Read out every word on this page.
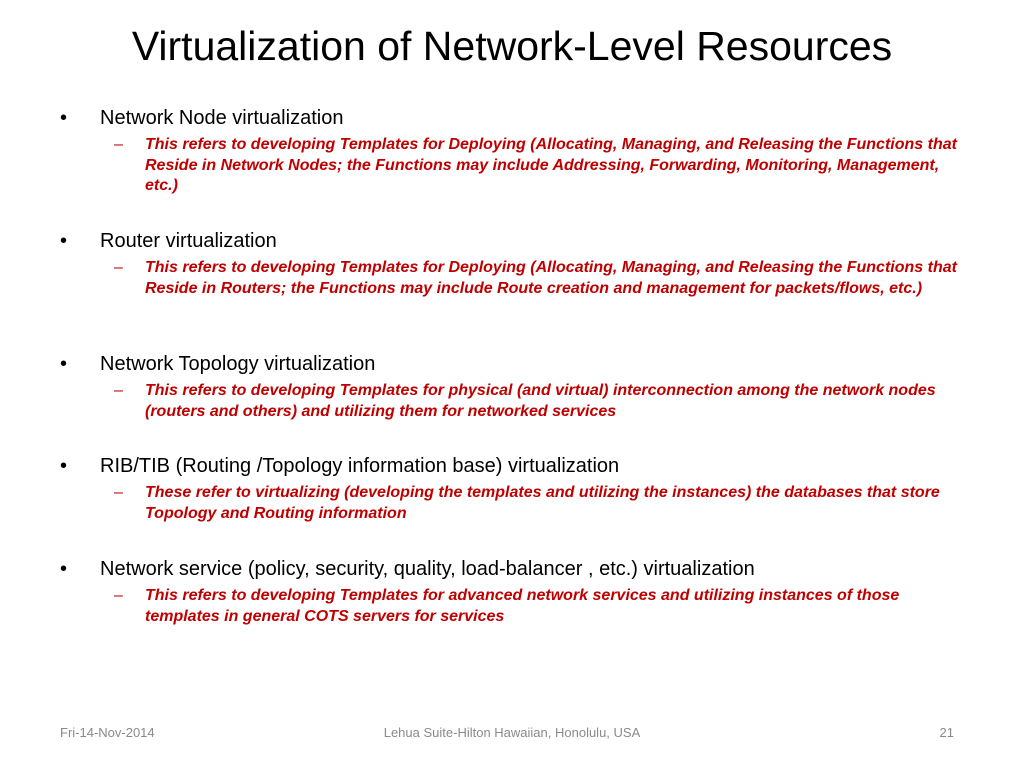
Virtualization of Network-Level Resources
• Network Node virtualization
– This refers to developing Templates for Deploying (Allocating, Managing, and Releasing the Functions that Reside in Network Nodes; the Functions may include Addressing, Forwarding, Monitoring, Management, etc.)
• Router virtualization
– This refers to developing Templates for Deploying (Allocating, Managing, and Releasing the Functions that Reside in Routers; the Functions may include Route creation and management for packets/flows, etc.)
• Network Topology virtualization
– This refers to developing Templates for physical (and virtual) interconnection among the network nodes (routers and others) and utilizing them for networked services
• RIB/TIB (Routing /Topology information base) virtualization
– These refer to virtualizing (developing the templates and utilizing the instances) the databases that store Topology and Routing information
• Network service (policy, security, quality, load-balancer , etc.) virtualization
– This refers to developing Templates for advanced network services and utilizing instances of those templates in general COTS servers for services
Fri-14-Nov-2014	Lehua Suite-Hilton Hawaiian, Honolulu, USA	21
